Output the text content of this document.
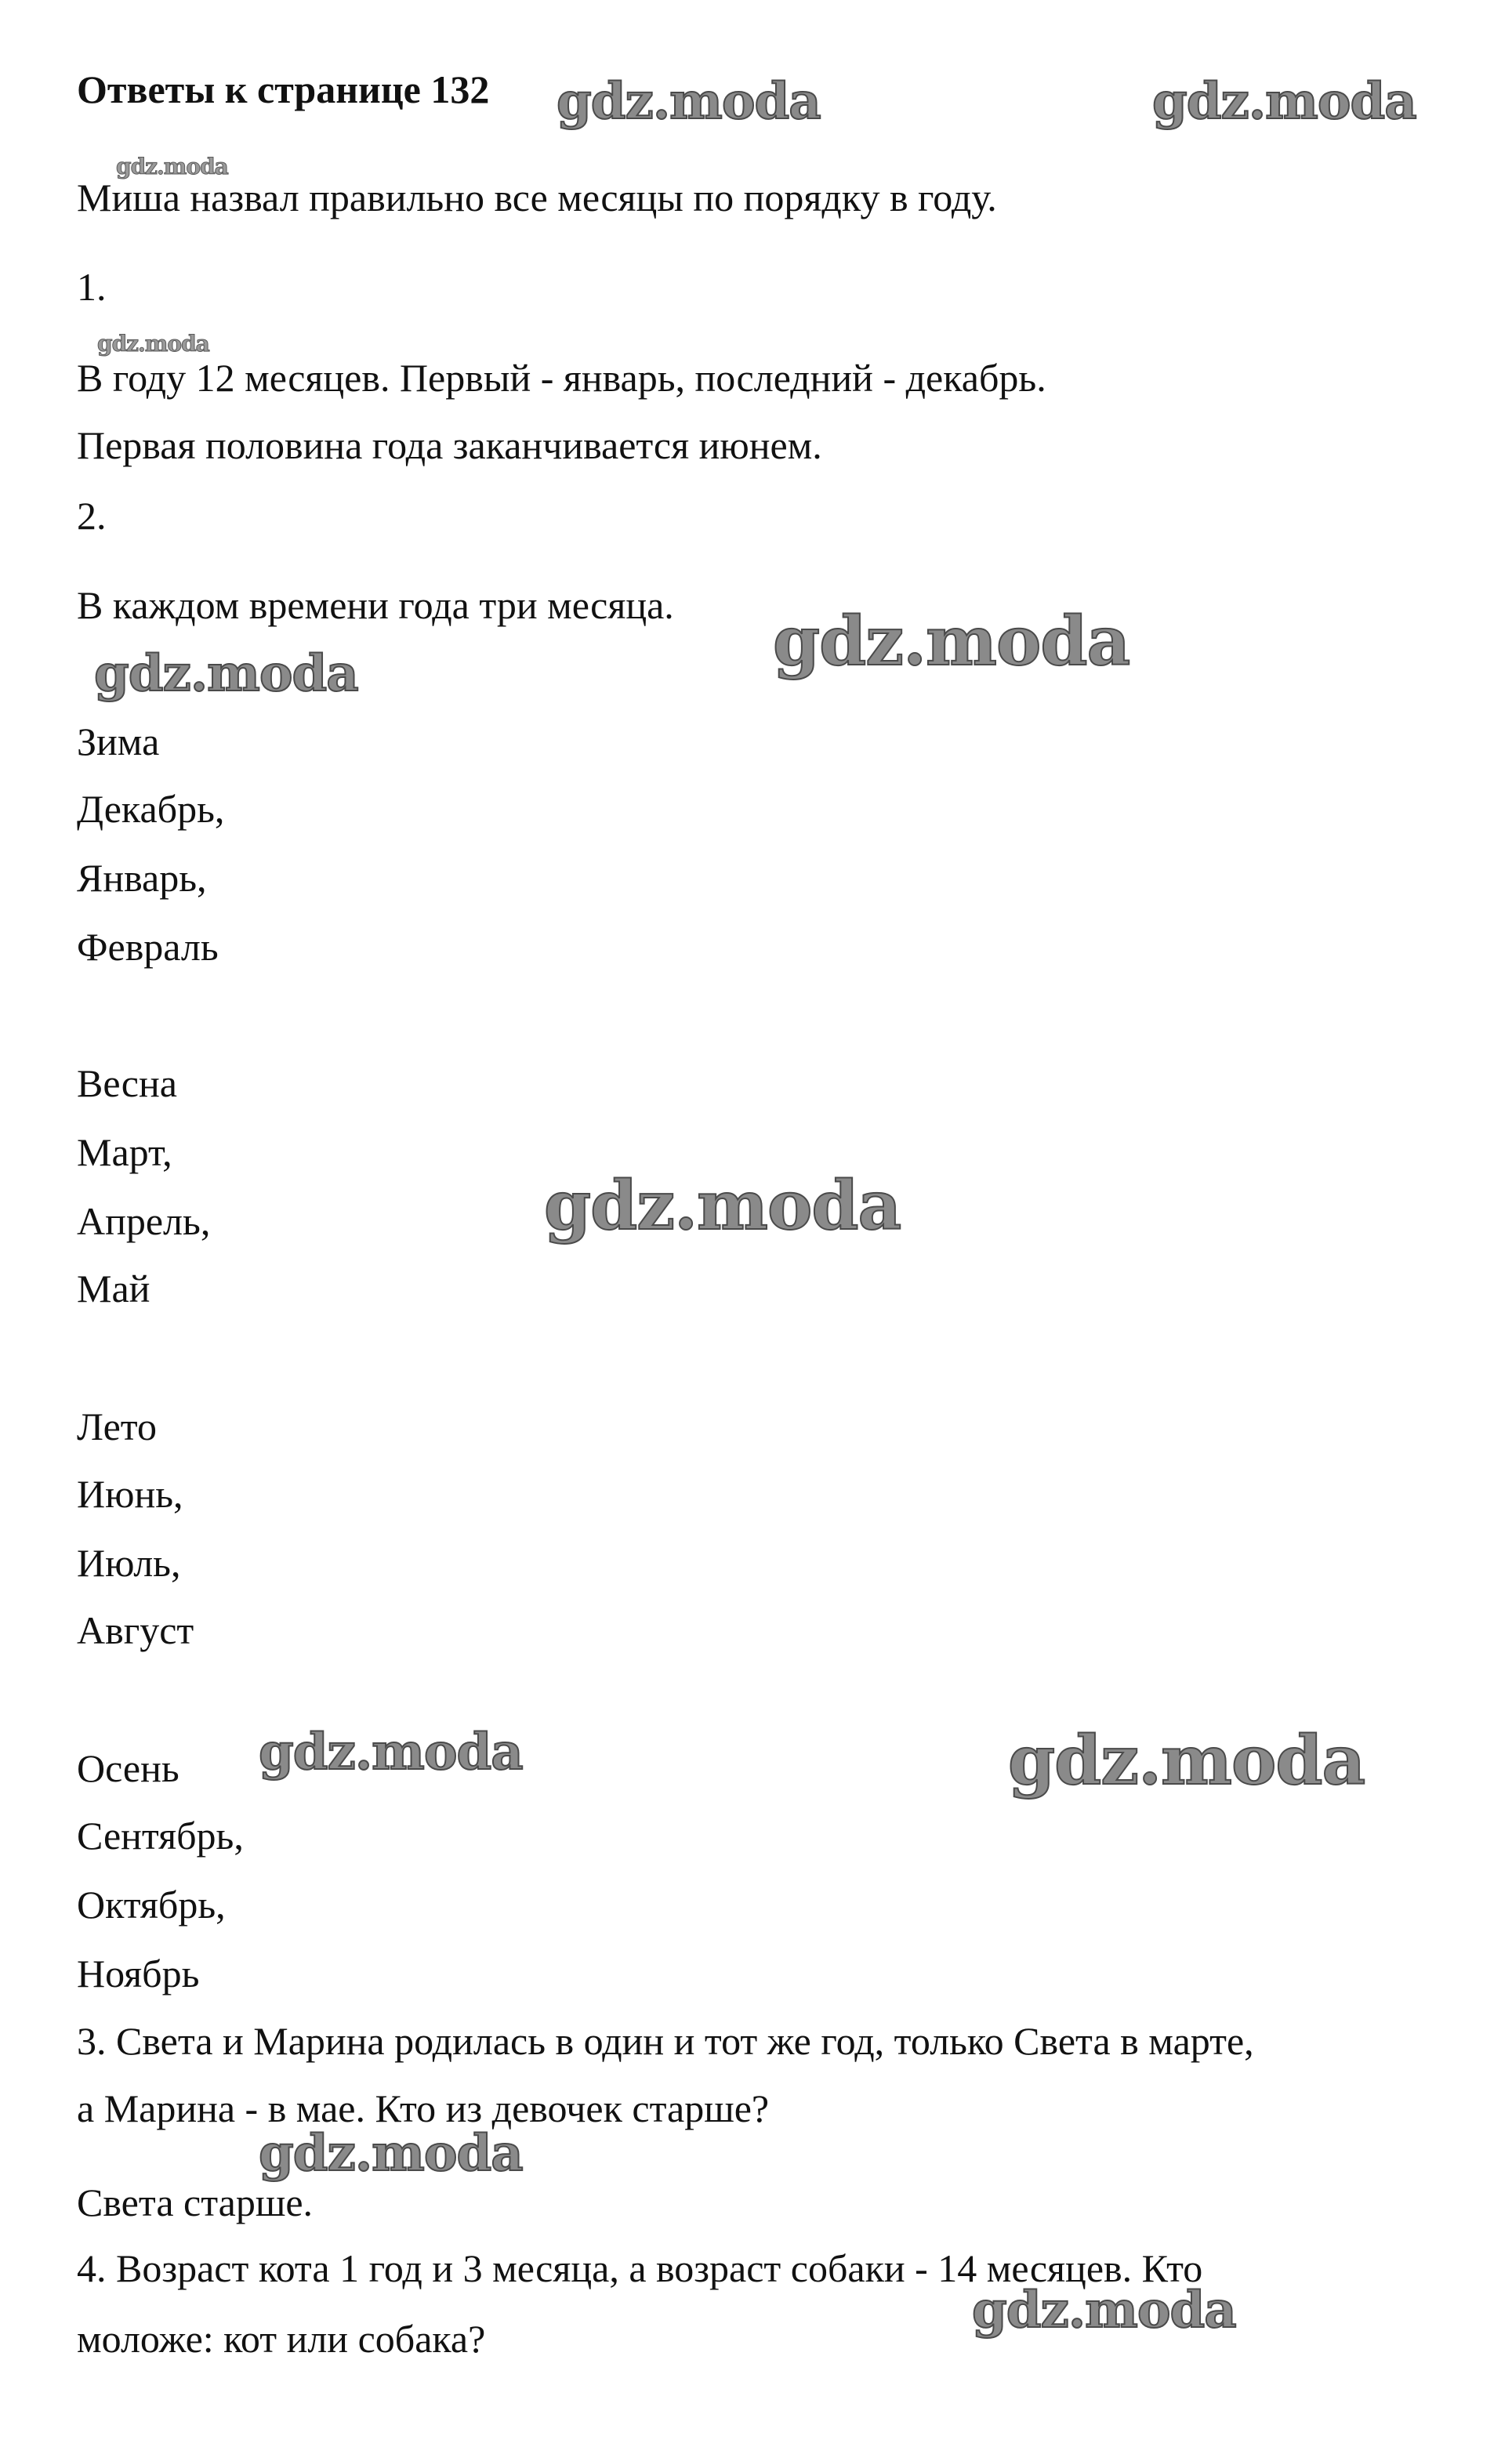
Ответы к странице 132

Миша назвал правильно все месяцы по порядку в году.

1.

В году 12 месяцев. Первый - январь, последний - декабрь.

Первая половина года заканчивается июнем.

2.

В каждом времени года три месяца.

Зима

Декабрь,

Январь,

Февраль

Весна

Март,

Апрель,

Май

Лето

Июнь,

Июль,

Август

Осень

Сентябрь,

Октябрь,

Ноябрь

3. Света и Марина родилась в один и тот же год, только Света в марте,

а Марина - в мае. Кто из девочек старше?

Света старше.

4. Возраст кота 1 год и 3 месяца, а возраст собаки - 14 месяцев. Кто

моложе: кот или собака?

gdz.moda	gdz.moda
gdz.moda
gdz.moda
gdz.moda
gdz.moda
gdz.moda
gdz.moda	gdz.moda
gdz.moda
gdz.moda
